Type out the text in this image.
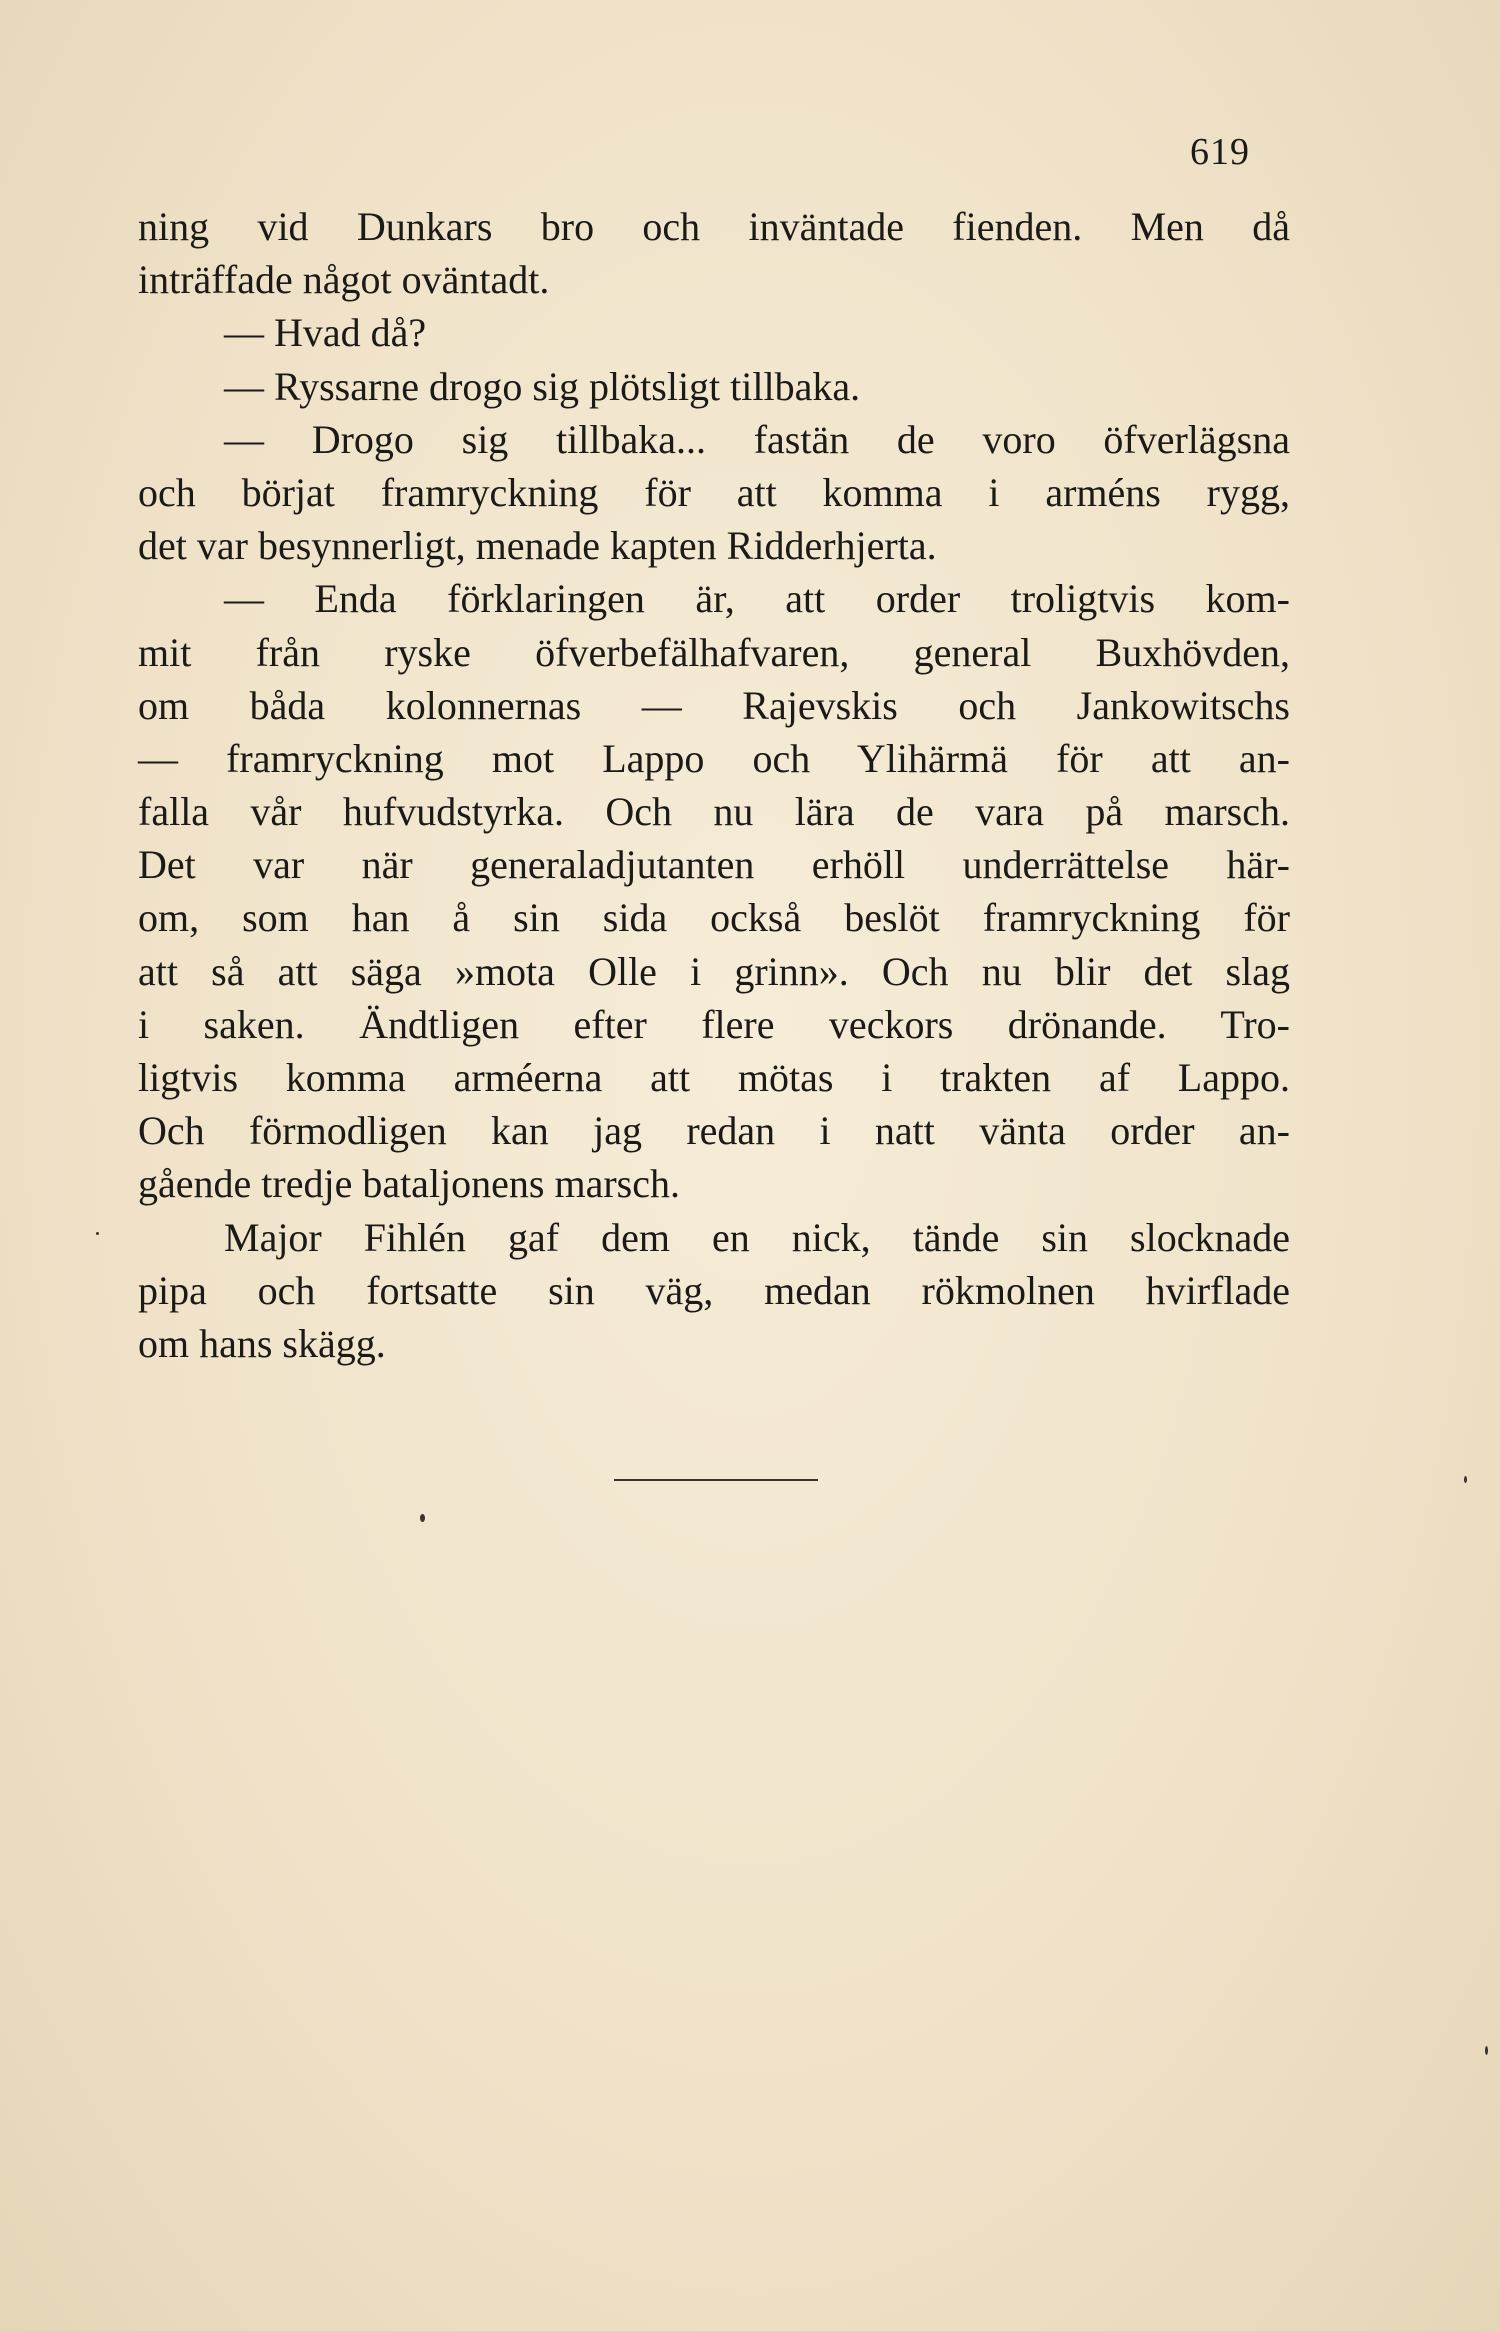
619
ning vid Dunkars bro och inväntade fienden. Men då
inträffade något oväntadt.
— Hvad då?
— Ryssarne drogo sig plötsligt tillbaka.
— Drogo sig tillbaka... fastän de voro öfverlägsna
och börjat framryckning för att komma i arméns rygg,
det var besynnerligt, menade kapten Ridderhjerta.
— Enda förklaringen är, att order troligtvis kom-
mit från ryske öfverbefälhafvaren, general Buxhövden,
om båda kolonnernas — Rajevskis och Jankowitschs
— framryckning mot Lappo och Ylihärmä för att an-
falla vår hufvudstyrka. Och nu lära de vara på marsch.
Det var när generaladjutanten erhöll underrättelse här-
om, som han å sin sida också beslöt framryckning för
att så att säga »mota Olle i grinn». Och nu blir det slag
i saken. Ändtligen efter flere veckors drönande. Tro-
ligtvis komma arméerna att mötas i trakten af Lappo.
Och förmodligen kan jag redan i natt vänta order an-
gående tredje bataljonens marsch.
Major Fihlén gaf dem en nick, tände sin slocknade
pipa och fortsatte sin väg, medan rökmolnen hvirflade
om hans skägg.
